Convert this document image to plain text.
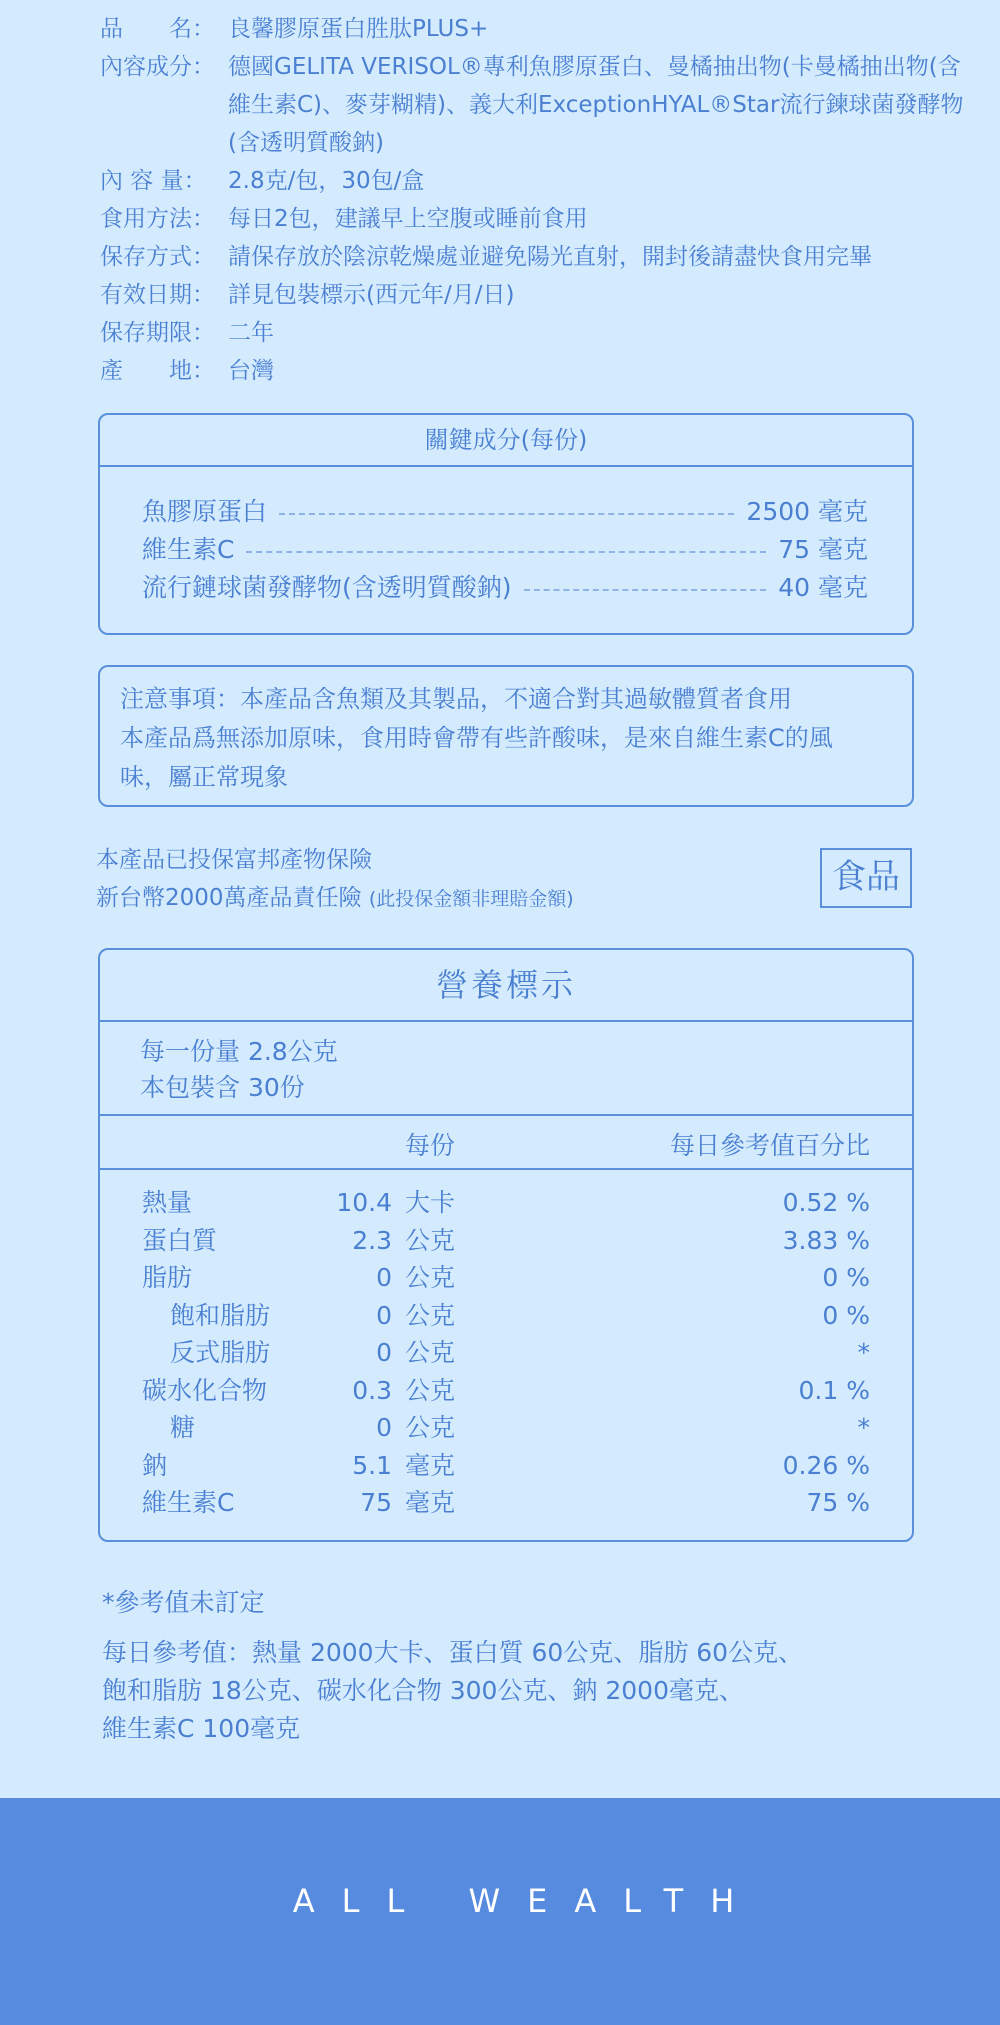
品　　名： 良馨膠原蛋白胜肽PLUS+
內容成分： 德國GELITA VERISOL®專利魚膠原蛋白、曼橘抽出物(卡曼橘抽出物(含維生素C)、麥芽糊精)、義大利ExceptionHYAL®Star流行鍊球菌發酵物(含透明質酸鈉)
內 容 量： 2.8克/包，30包/盒
食用方法： 每日2包，建議早上空腹或睡前食用
保存方式： 請保存放於陰涼乾燥處並避免陽光直射，開封後請盡快食用完畢
有效日期： 詳見包裝標示(西元年/月/日)
保存期限： 二年
產　　地： 台灣
關鍵成分(每份)
魚膠原蛋白	2500 毫克
維生素C	75 毫克
流行鏈球菌發酵物(含透明質酸鈉)	40 毫克
注意事項：本產品含魚類及其製品，不適合對其過敏體質者食用
本產品爲無添加原味，食用時會帶有些許酸味，是來自維生素C的風
味，屬正常現象
本產品已投保富邦產物保險
新台幣2000萬產品責任險 (此投保金額非理賠金額)
食品
營養標示
每一份量 2.8公克
本包裝含 30份
每份	每日參考值百分比
熱量	10.4 大卡	0.52 %
蛋白質	2.3 公克	3.83 %
脂肪	0 公克	0 %
飽和脂肪	0 公克	0 %
反式脂肪	0 公克	*
碳水化合物	0.3 公克	0.1 %
糖	0 公克	*
鈉	5.1 毫克	0.26 %
維生素C	75 毫克	75 %
*參考值未訂定
每日參考值：熱量 2000大卡、蛋白質 60公克、脂肪 60公克、
飽和脂肪 18公克、碳水化合物 300公克、鈉 2000毫克、
維生素C 100毫克
ALL WEALTH
